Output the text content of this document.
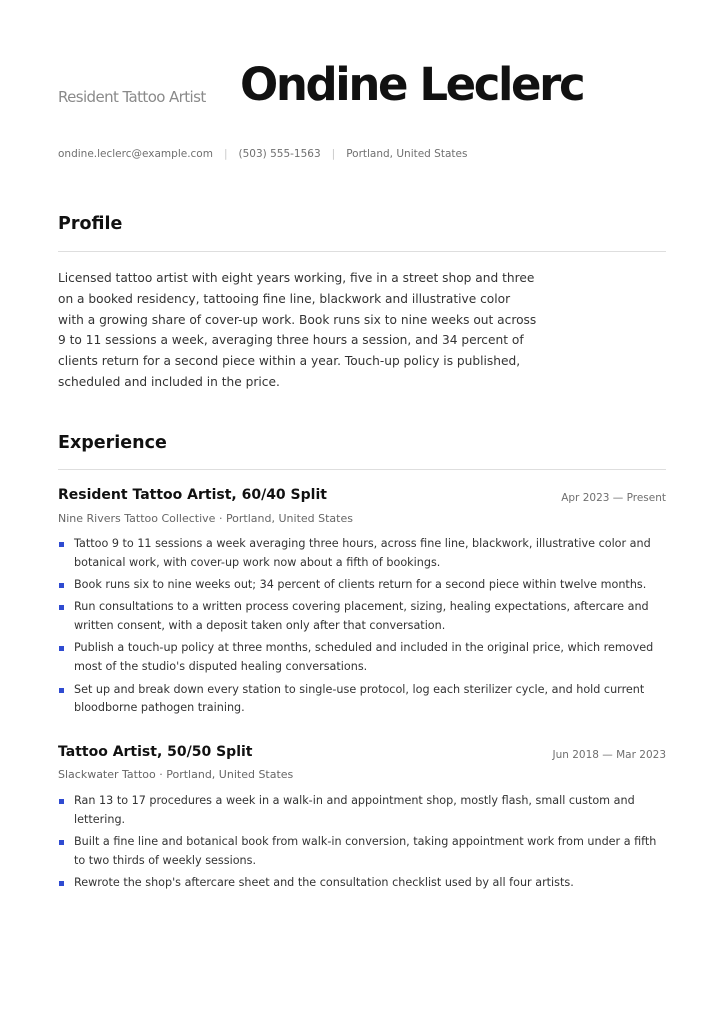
Resident Tattoo Artist Ondine Leclerc
ondine.leclerc@example.com | (503) 555-1563 | Portland, United States
Profile
Licensed tattoo artist with eight years working, five in a street shop and three on a booked residency, tattooing fine line, blackwork and illustrative color with a growing share of cover-up work. Book runs six to nine weeks out across 9 to 11 sessions a week, averaging three hours a session, and 34 percent of clients return for a second piece within a year. Touch-up policy is published, scheduled and included in the price.
Experience
Resident Tattoo Artist, 60/40 Split	Apr 2023 — Present
Nine Rivers Tattoo Collective · Portland, United States
Tattoo 9 to 11 sessions a week averaging three hours, across fine line, blackwork, illustrative color and botanical work, with cover-up work now about a fifth of bookings.
Book runs six to nine weeks out; 34 percent of clients return for a second piece within twelve months.
Run consultations to a written process covering placement, sizing, healing expectations, aftercare and written consent, with a deposit taken only after that conversation.
Publish a touch-up policy at three months, scheduled and included in the original price, which removed most of the studio's disputed healing conversations.
Set up and break down every station to single-use protocol, log each sterilizer cycle, and hold current bloodborne pathogen training.
Tattoo Artist, 50/50 Split	Jun 2018 — Mar 2023
Slackwater Tattoo · Portland, United States
Ran 13 to 17 procedures a week in a walk-in and appointment shop, mostly flash, small custom and lettering.
Built a fine line and botanical book from walk-in conversion, taking appointment work from under a fifth to two thirds of weekly sessions.
Rewrote the shop's aftercare sheet and the consultation checklist used by all four artists.
